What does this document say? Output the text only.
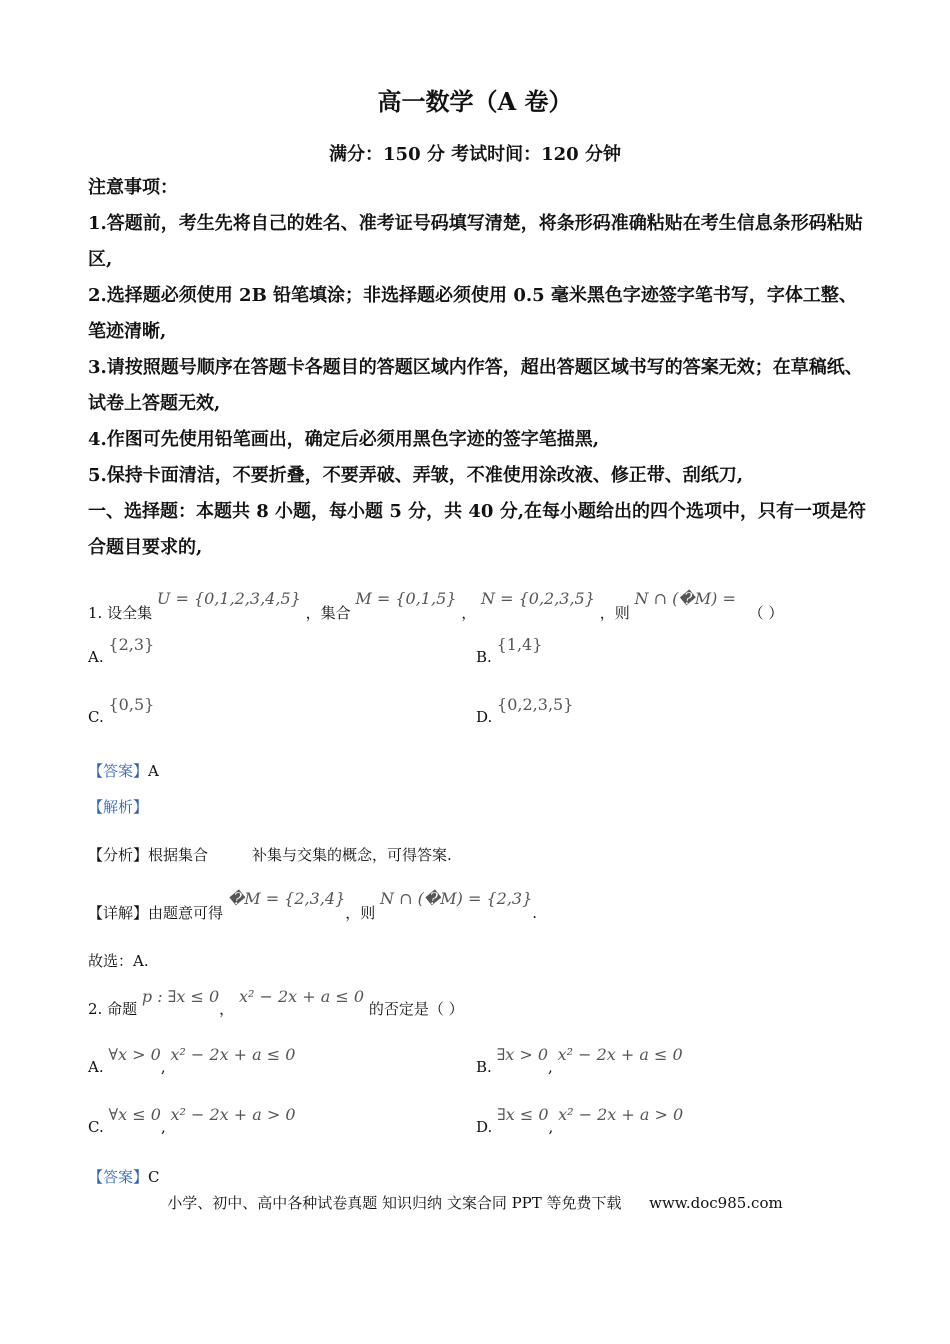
高一数学（A 卷）
满分：150 分 考试时间：120 分钟
注意事项：
1.答题前，考生先将自己的姓名、准考证号码填写清楚，将条形码准确粘贴在考生信息条形码粘贴区,
2.选择题必须使用 2B 铅笔填涂；非选择题必须使用 0.5 毫米黑色字迹签字笔书写，字体工整、笔迹清晰,
3.请按照题号顺序在答题卡各题目的答题区域内作答，超出答题区域书写的答案无效；在草稿纸、试卷上答题无效,
4.作图可先使用铅笔画出，确定后必须用黑色字迹的签字笔描黑,
5.保持卡面清洁，不要折叠，不要弄破、弄皱，不准使用涂改液、修正带、刮纸刀,
一、选择题：本题共 8 小题，每小题 5 分，共 40 分,在每小题给出的四个选项中，只有一项是符合题目要求的,
1. 设全集 U = {0,1,2,3,4,5} ，集合 M = {0,1,5} ， N = {0,2,3,5} ，则 N ∩ (�M) = （ ）
A. {2,3}
B. {1,4}
C. {0,5}
D. {0,2,3,5}
【答案】A
【解析】
【分析】根据集合	补集与交集的概念，可得答案.
【详解】由题意可得 �M = {2,3,4}，则 N ∩ (�M) = {2,3}.
故选：A.
2. 命题 p : ∃x ≤ 0， x² − 2x + a ≤ 0 的否定是（ ）
A. ∀x > 0, x² − 2x + a ≤ 0
B. ∃x > 0, x² − 2x + a ≤ 0
C. ∀x ≤ 0, x² − 2x + a > 0
D. ∃x ≤ 0, x² − 2x + a > 0
【答案】C
小学、初中、高中各种试卷真题 知识归纳 文案合同 PPT 等免费下载 www.doc985.com
